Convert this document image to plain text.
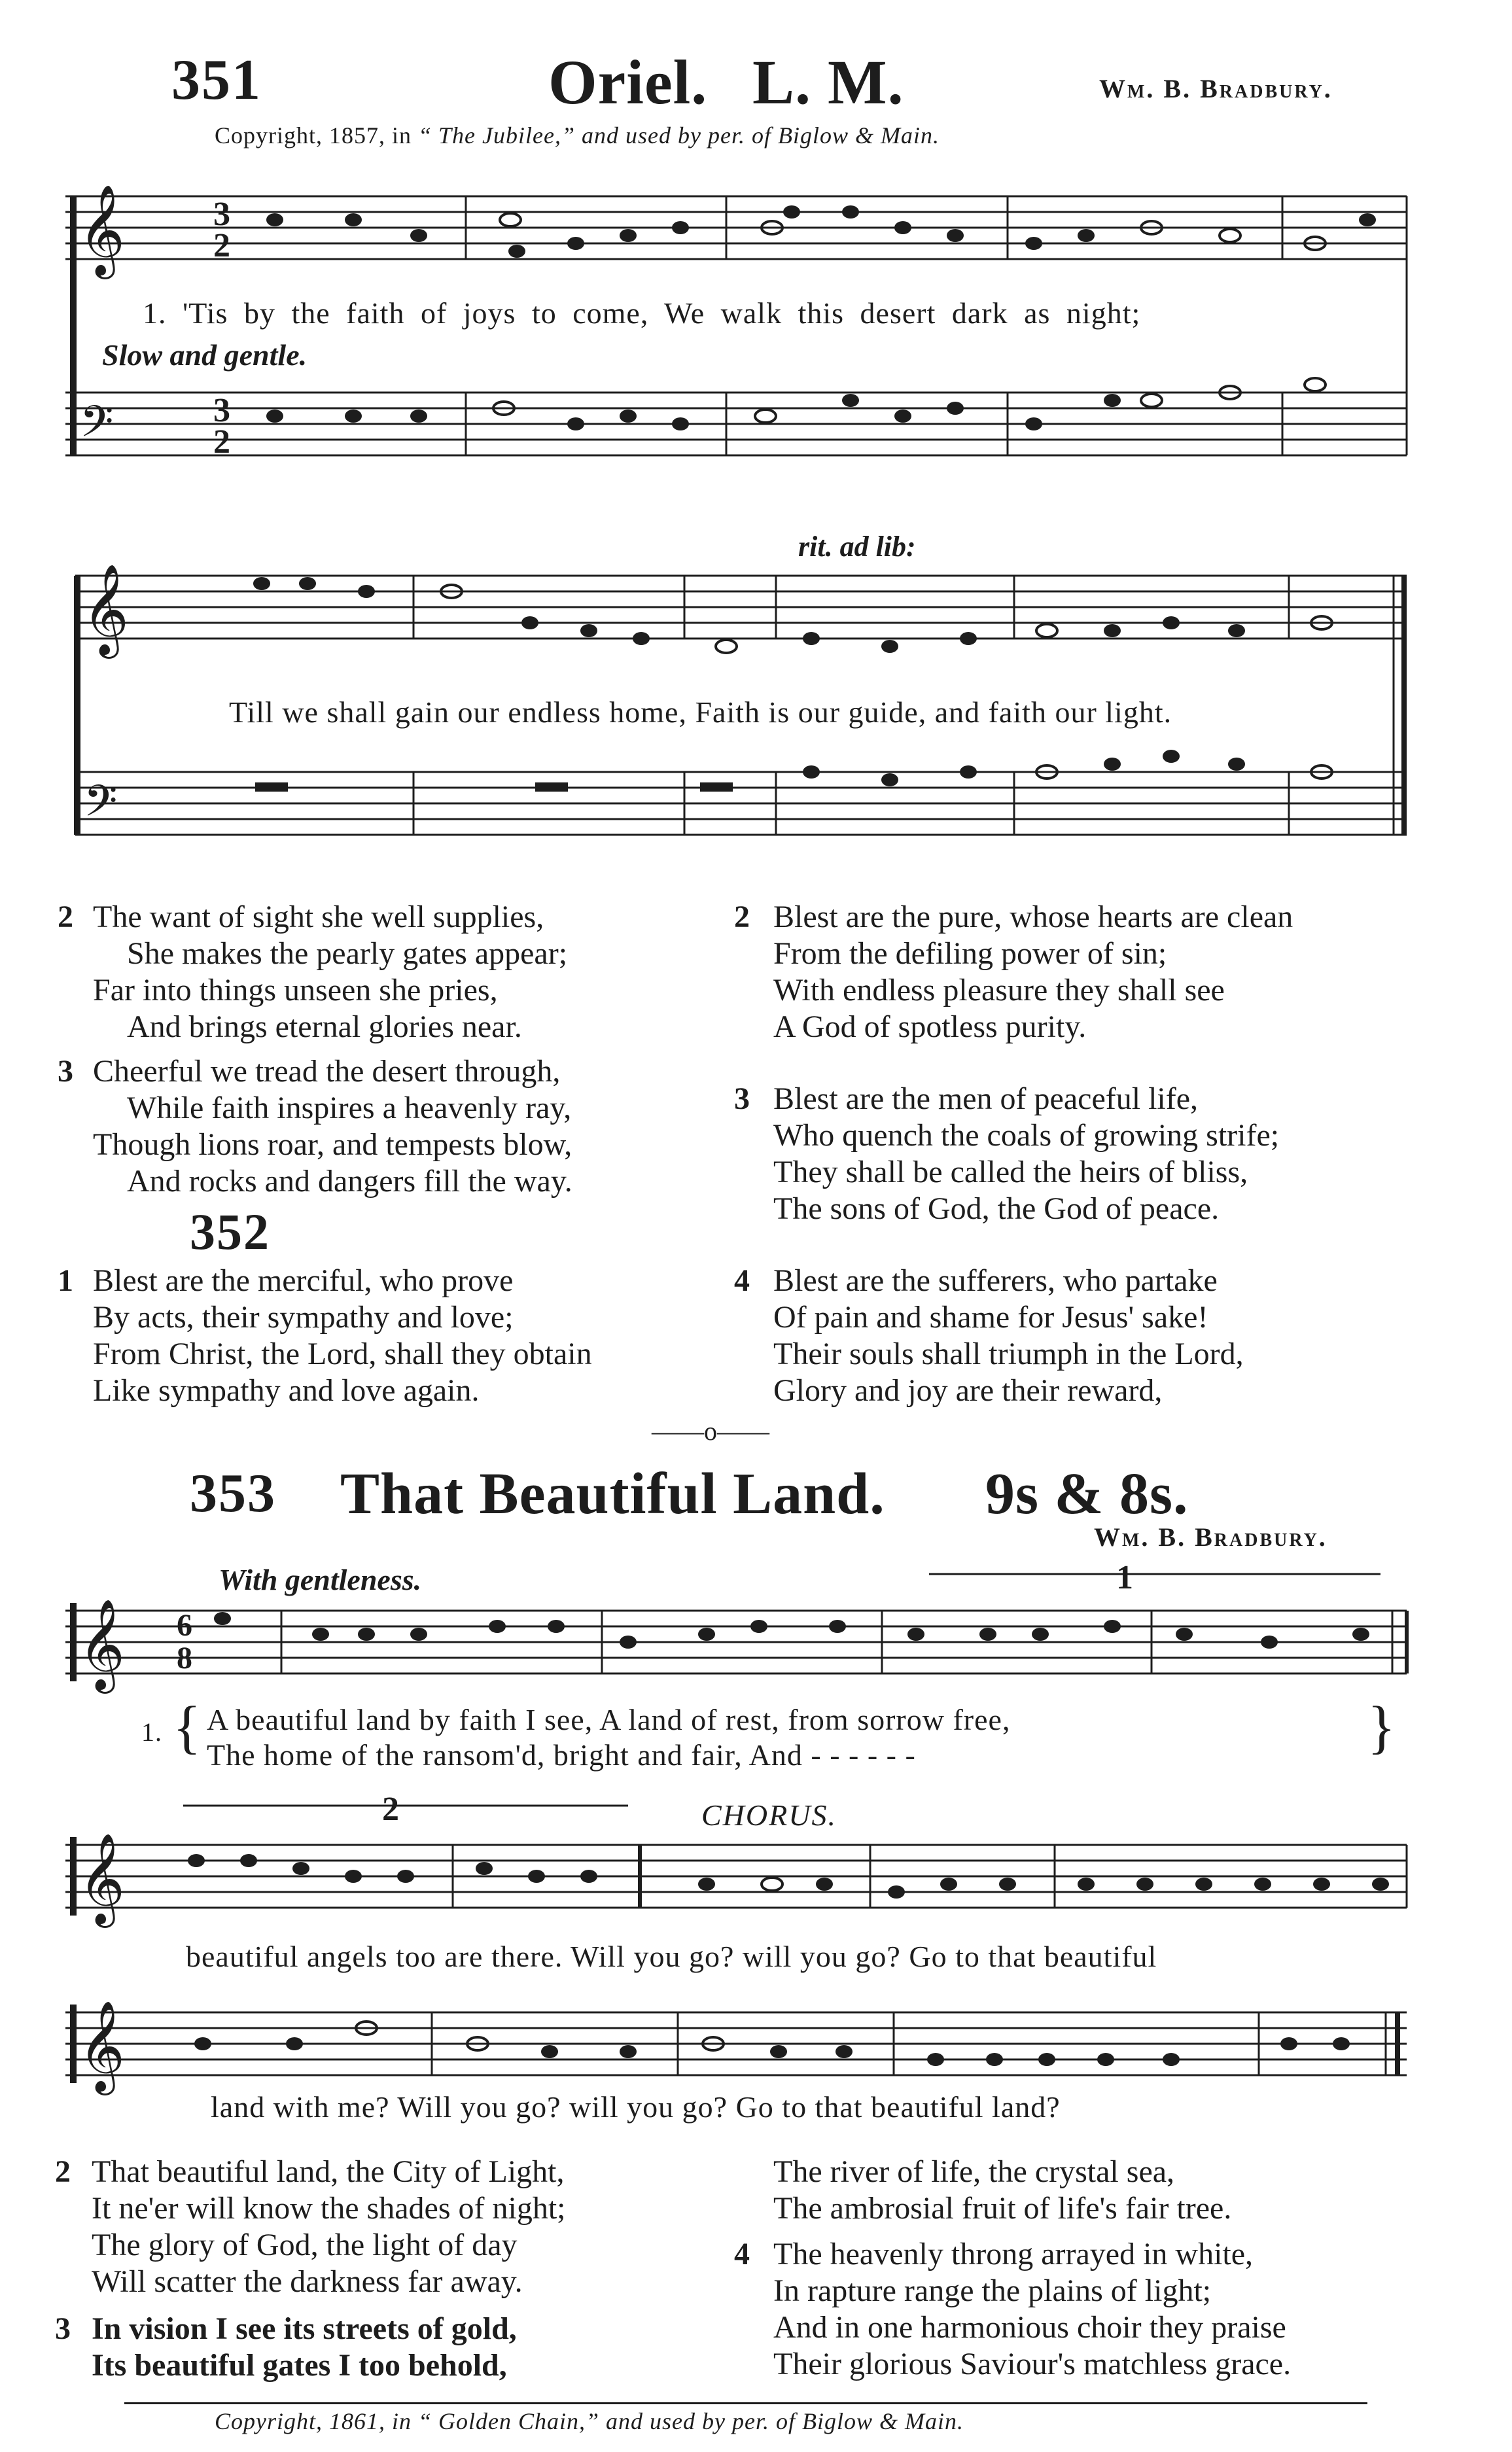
351	Oriel. L. M.	Wm. B. Bradbury.
Copyright, 1857, in “ The Jubilee,” and used by per. of Biglow & Main.
𝄞
𝄢
3
2
3
2
Slow and gentle.
1. 'Tis by the faith of joys to come, We walk this desert dark as night;
rit. ad lib:
𝄞
𝄢
Till we shall gain our endless home, Faith is our guide, and faith our light.
2 The want of sight she well supplies,
She makes the pearly gates appear;
Far into things unseen she pries,
And brings eternal glories near.
3 Cheerful we tread the desert through,
While faith inspires a heavenly ray,
Though lions roar, and tempests blow,
And rocks and dangers fill the way.
352
1 Blest are the merciful, who prove
By acts, their sympathy and love;
From Christ, the Lord, shall they obtain
Like sympathy and love again.
2 Blest are the pure, whose hearts are clean
From the defiling power of sin;
With endless pleasure they shall see
A God of spotless purity.
3 Blest are the men of peaceful life,
Who quench the coals of growing strife;
They shall be called the heirs of bliss,
The sons of God, the God of peace.
4 Blest are the sufferers, who partake
Of pain and shame for Jesus' sake!
Their souls shall triumph in the Lord,
Glory and joy are their reward,
——o——
353 That Beautiful Land. 9s & 8s.
Wm. B. Bradbury.
With gentleness.
𝄞 6
8
1
1. { A beautiful land by faith I see, A land of rest, from sorrow free,
The home of the ransom'd, bright and fair, And - - - - - -	}
CHORUS.
𝄞
2
beautiful angels too are there. Will you go? will you go? Go to that beautiful
𝄞
land with me? Will you go? will you go? Go to that beautiful land?
2 That beautiful land, the City of Light,
It ne'er will know the shades of night;
The glory of God, the light of day
Will scatter the darkness far away.
3 In vision I see its streets of gold,
Its beautiful gates I too behold,
The river of life, the crystal sea,
The ambrosial fruit of life's fair tree.
4 The heavenly throng arrayed in white,
In rapture range the plains of light;
And in one harmonious choir they praise
Their glorious Saviour's matchless grace.
Copyright, 1861, in “ Golden Chain,” and used by per. of Biglow & Main.
